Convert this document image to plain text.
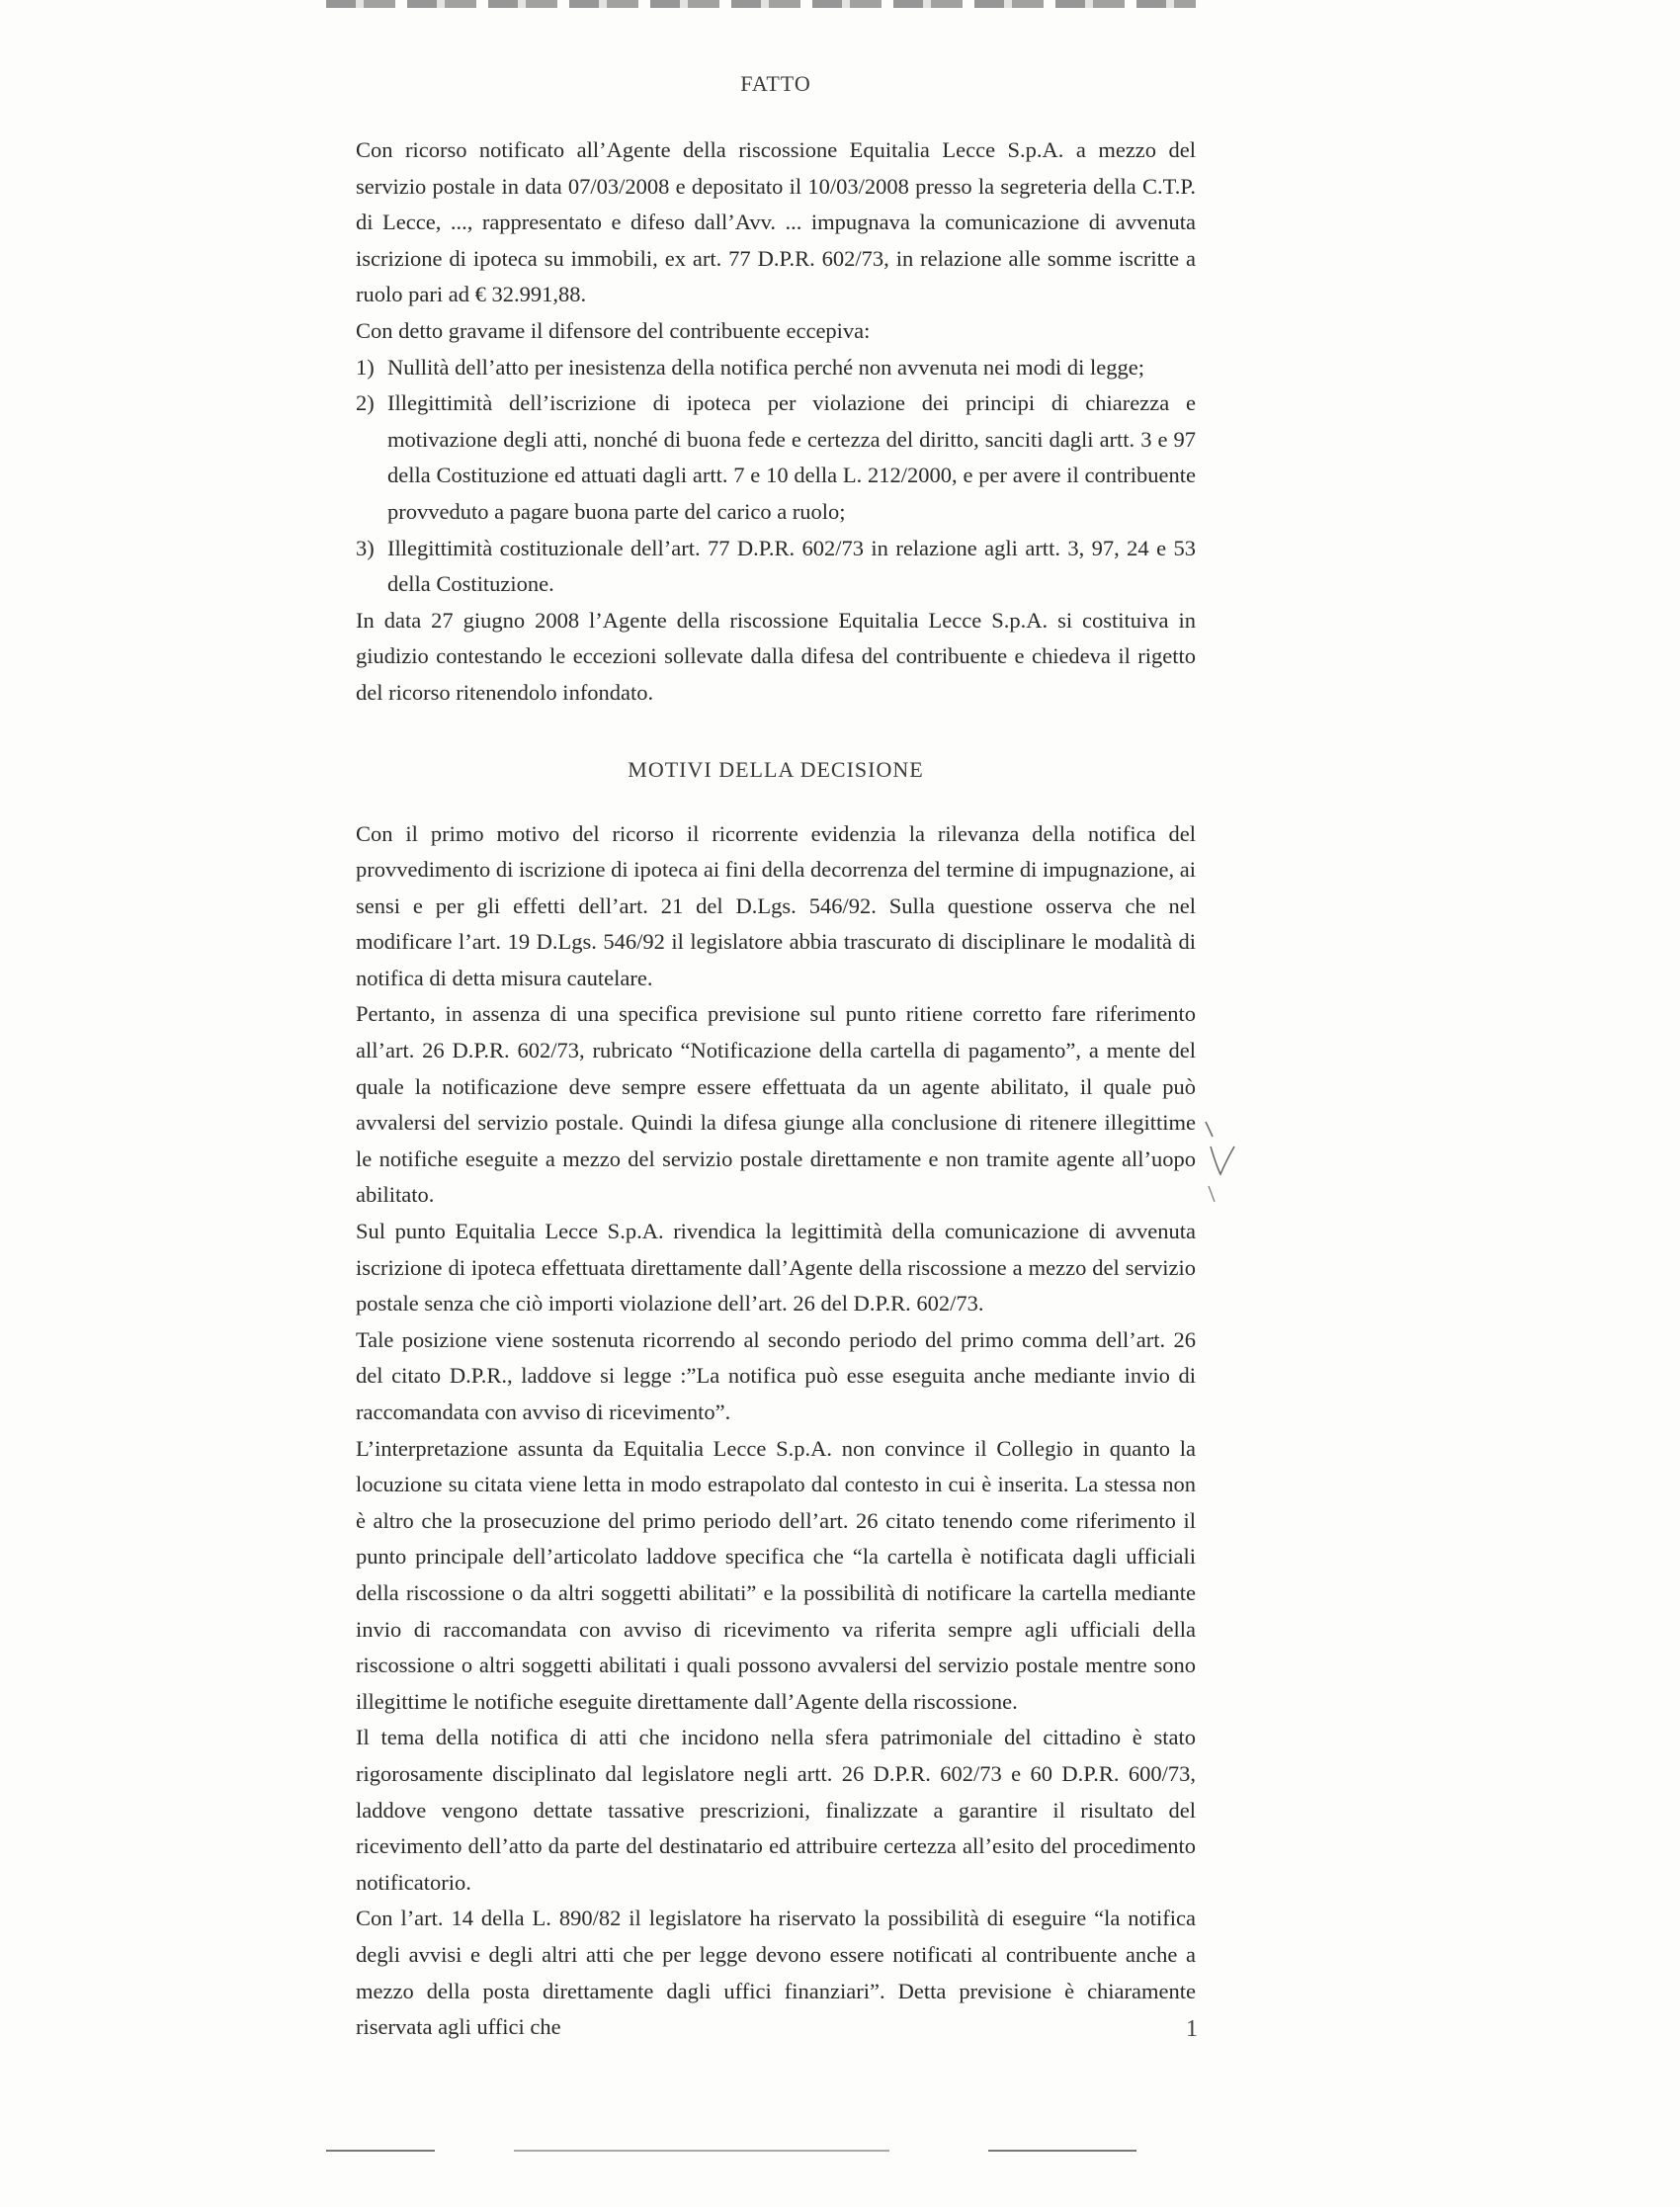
FATTO

Con ricorso notificato all’Agente della riscossione Equitalia Lecce S.p.A. a mezzo del servizio postale in data 07/03/2008 e depositato il 10/03/2008 presso la segreteria della C.T.P. di Lecce, ..., rappresentato e difeso dall’Avv. ... impugnava la comunicazione di avvenuta iscrizione di ipoteca su immobili, ex art. 77 D.P.R. 602/73, in relazione alle somme iscritte a ruolo pari ad € 32.991,88.

Con detto gravame il difensore del contribuente eccepiva:

1) Nullità dell’atto per inesistenza della notifica perché non avvenuta nei modi di legge;
2) Illegittimità dell’iscrizione di ipoteca per violazione dei principi di chiarezza e motivazione degli atti, nonché di buona fede e certezza del diritto, sanciti dagli artt. 3 e 97 della Costituzione ed attuati dagli artt. 7 e 10 della L. 212/2000, e per avere il contribuente provveduto a pagare buona parte del carico a ruolo;
3) Illegittimità costituzionale dell’art. 77 D.P.R. 602/73 in relazione agli artt. 3, 97, 24 e 53 della Costituzione.

In data 27 giugno 2008 l’Agente della riscossione Equitalia Lecce S.p.A. si costituiva in giudizio contestando le eccezioni sollevate dalla difesa del contribuente e chiedeva il rigetto del ricorso ritenendolo infondato.

MOTIVI DELLA DECISIONE

Con il primo motivo del ricorso il ricorrente evidenzia la rilevanza della notifica del provvedimento di iscrizione di ipoteca ai fini della decorrenza del termine di impugnazione, ai sensi e per gli effetti dell’art. 21 del D.Lgs. 546/92. Sulla questione osserva che nel modificare l’art. 19 D.Lgs. 546/92 il legislatore abbia trascurato di disciplinare le modalità di notifica di detta misura cautelare.

Pertanto, in assenza di una specifica previsione sul punto ritiene corretto fare riferimento all’art. 26 D.P.R. 602/73, rubricato “Notificazione della cartella di pagamento”, a mente del quale la notificazione deve sempre essere effettuata da un agente abilitato, il quale può avvalersi del servizio postale. Quindi la difesa giunge alla conclusione di ritenere illegittime le notifiche eseguite a mezzo del servizio postale direttamente e non tramite agente all’uopo abilitato.

Sul punto Equitalia Lecce S.p.A. rivendica la legittimità della comunicazione di avvenuta iscrizione di ipoteca effettuata direttamente dall’Agente della riscossione a mezzo del servizio postale senza che ciò importi violazione dell’art. 26 del D.P.R. 602/73.

Tale posizione viene sostenuta ricorrendo al secondo periodo del primo comma dell’art. 26 del citato D.P.R., laddove si legge :”La notifica può esse eseguita anche mediante invio di raccomandata con avviso di ricevimento”.

L’interpretazione assunta da Equitalia Lecce S.p.A. non convince il Collegio in quanto la locuzione su citata viene letta in modo estrapolato dal contesto in cui è inserita. La stessa non è altro che la prosecuzione del primo periodo dell’art. 26 citato tenendo come riferimento il punto principale dell’articolato laddove specifica che “la cartella è notificata dagli ufficiali della riscossione o da altri soggetti abilitati” e la possibilità di notificare la cartella mediante invio di raccomandata con avviso di ricevimento va riferita sempre agli ufficiali della riscossione o altri soggetti abilitati i quali possono avvalersi del servizio postale mentre sono illegittime le notifiche eseguite direttamente dall’Agente della riscossione.

Il tema della notifica di atti che incidono nella sfera patrimoniale del cittadino è stato rigorosamente disciplinato dal legislatore negli artt. 26 D.P.R. 602/73 e 60 D.P.R. 600/73, laddove vengono dettate tassative prescrizioni, finalizzate a garantire il risultato del ricevimento dell’atto da parte del destinatario ed attribuire certezza all’esito del procedimento notificatorio.

Con l’art. 14 della L. 890/82 il legislatore ha riservato la possibilità di eseguire “la notifica degli avvisi e degli altri atti che per legge devono essere notificati al contribuente anche a mezzo della posta direttamente dagli uffici finanziari”. Detta previsione è chiaramente riservata agli uffici che	1
